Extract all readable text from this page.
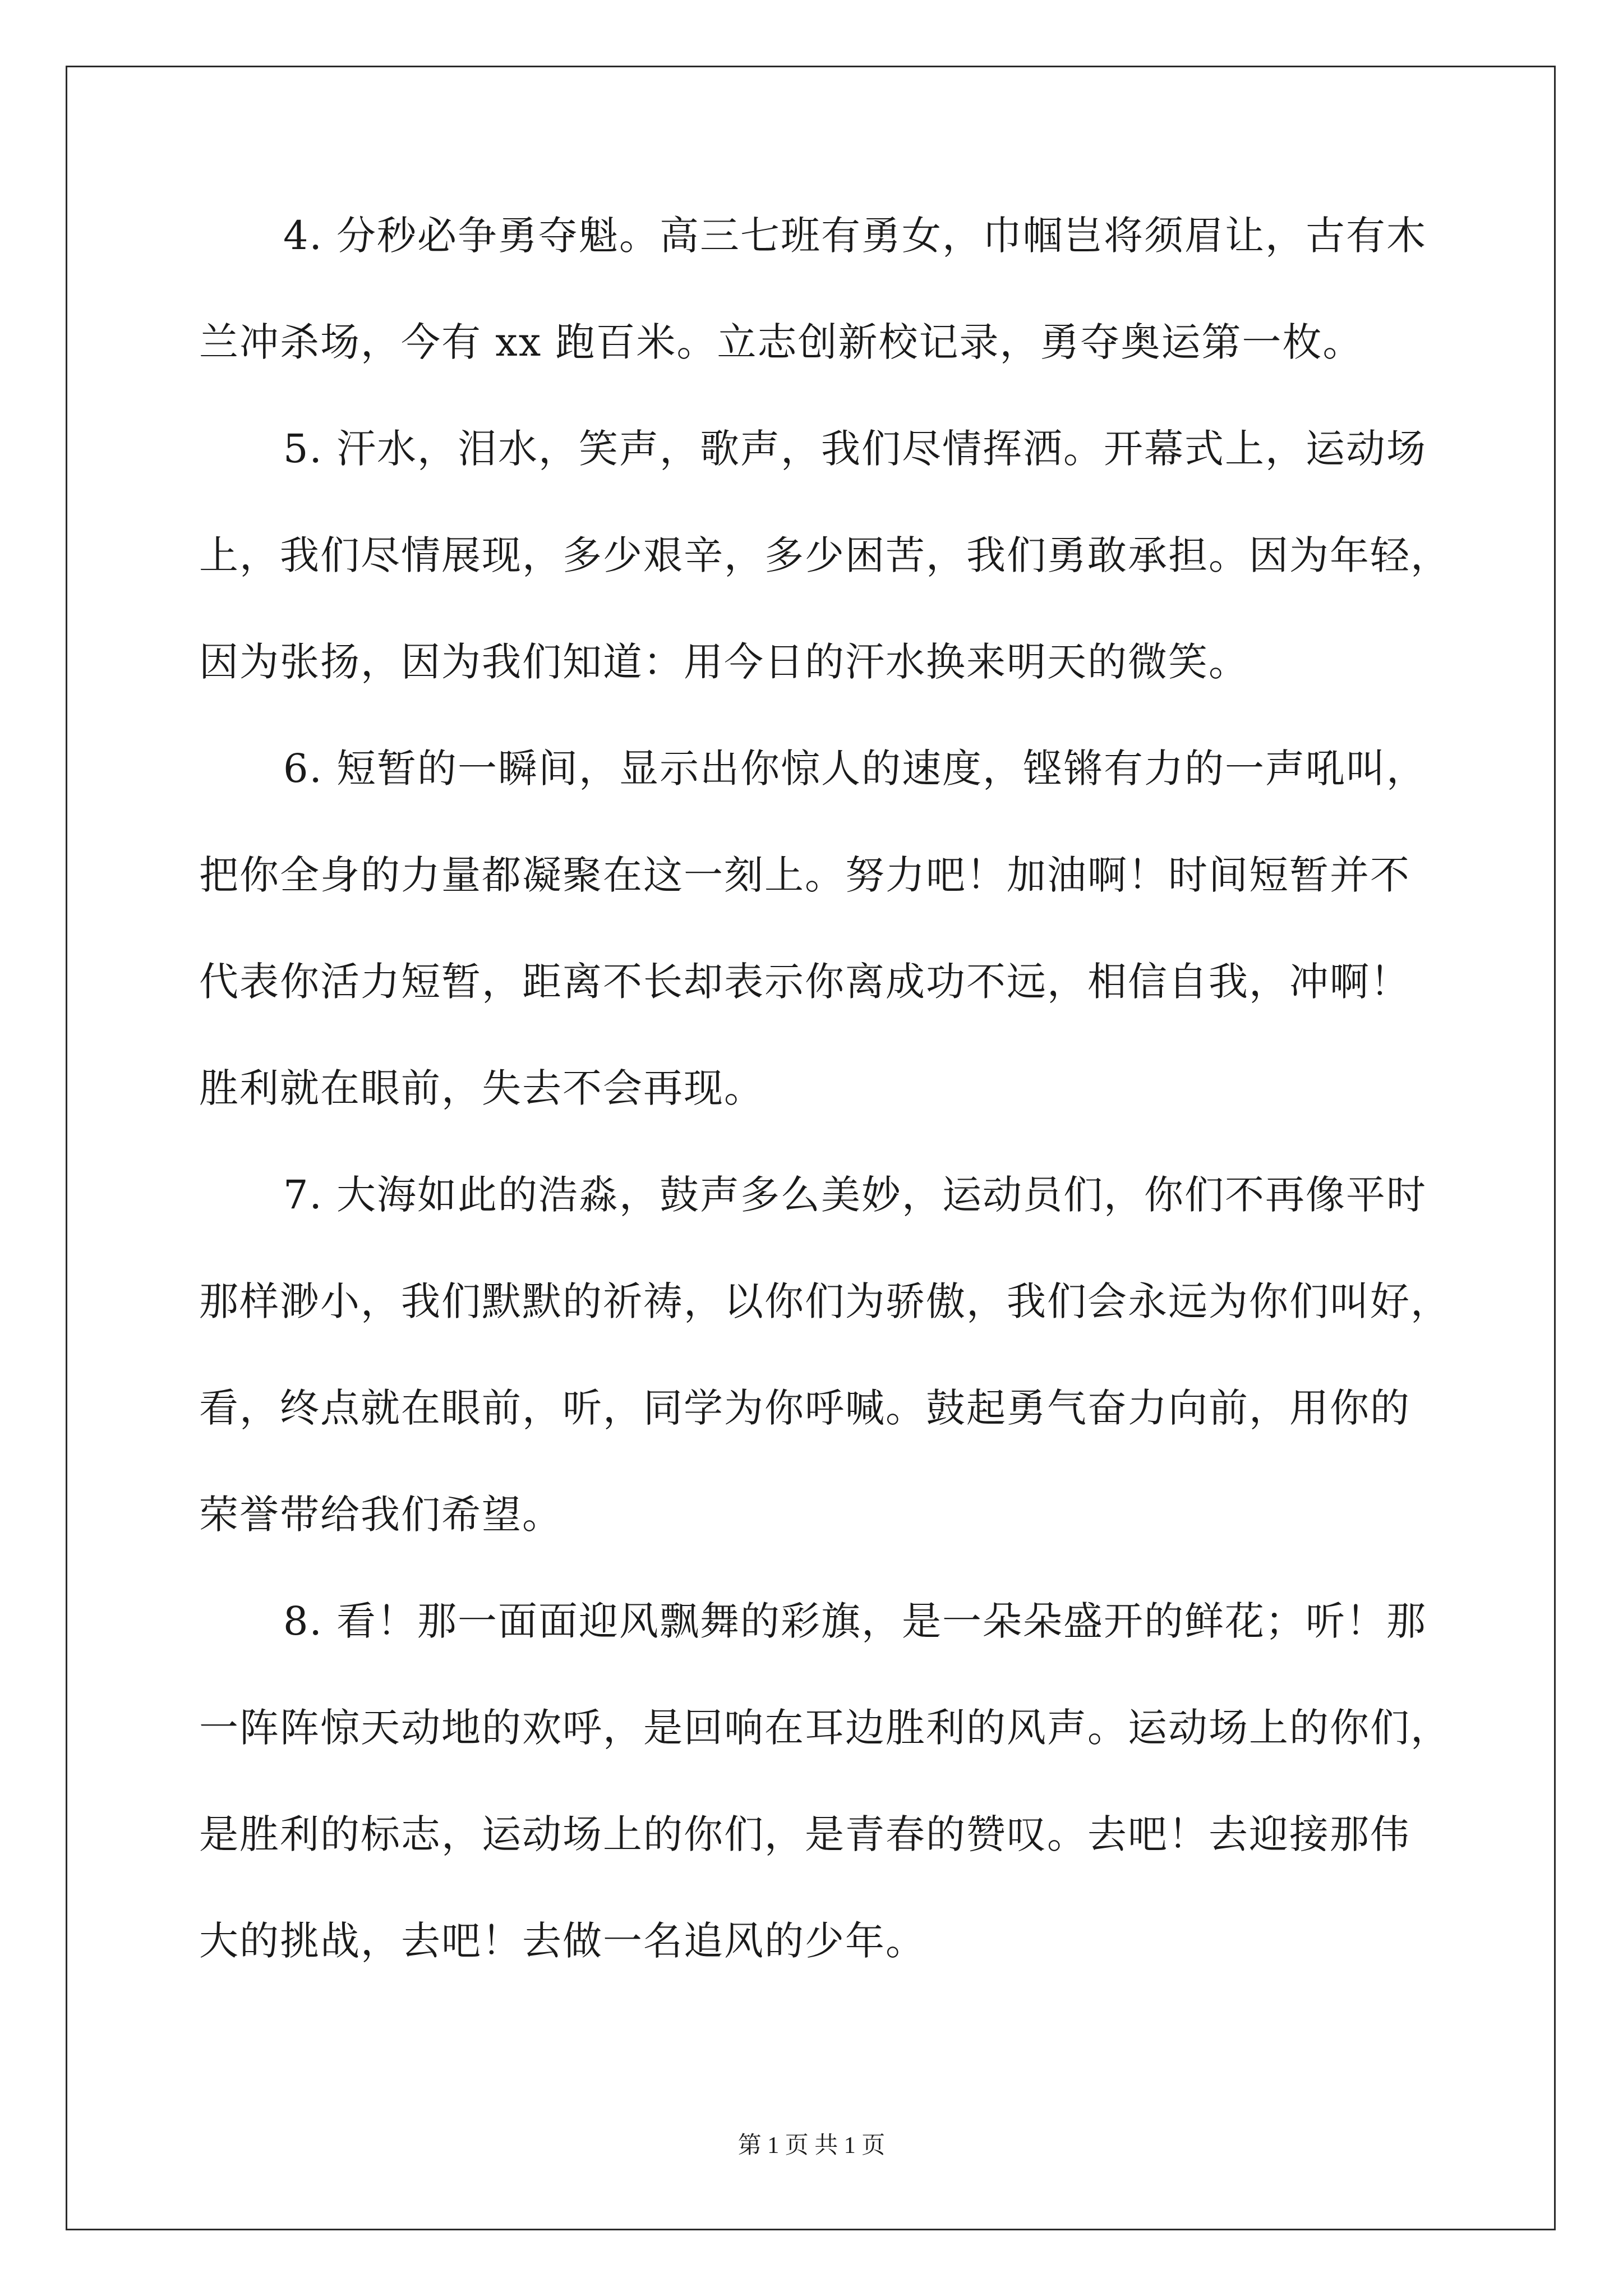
4. 分秒必争勇夺魁。高三七班有勇女，巾帼岂将须眉让，古有木
兰冲杀场，今有 xx 跑百米。立志创新校记录，勇夺奥运第一枚。
5. 汗水，泪水，笑声，歌声，我们尽情挥洒。开幕式上，运动场
上，我们尽情展现，多少艰辛，多少困苦，我们勇敢承担。因为年轻，
因为张扬，因为我们知道：用今日的汗水换来明天的微笑。
6. 短暂的一瞬间，显示出你惊人的速度，铿锵有力的一声吼叫，
把你全身的力量都凝聚在这一刻上。努力吧！加油啊！时间短暂并不
代表你活力短暂，距离不长却表示你离成功不远，相信自我，冲啊！
胜利就在眼前，失去不会再现。
7. 大海如此的浩淼，鼓声多么美妙，运动员们，你们不再像平时
那样渺小，我们默默的祈祷，以你们为骄傲，我们会永远为你们叫好，
看，终点就在眼前，听，同学为你呼喊。鼓起勇气奋力向前，用你的
荣誉带给我们希望。
8. 看！那一面面迎风飘舞的彩旗，是一朵朵盛开的鲜花；听！那
一阵阵惊天动地的欢呼，是回响在耳边胜利的风声。运动场上的你们，
是胜利的标志，运动场上的你们，是青春的赞叹。去吧！去迎接那伟
大的挑战，去吧！去做一名追风的少年。
第 1 页 共 1 页
